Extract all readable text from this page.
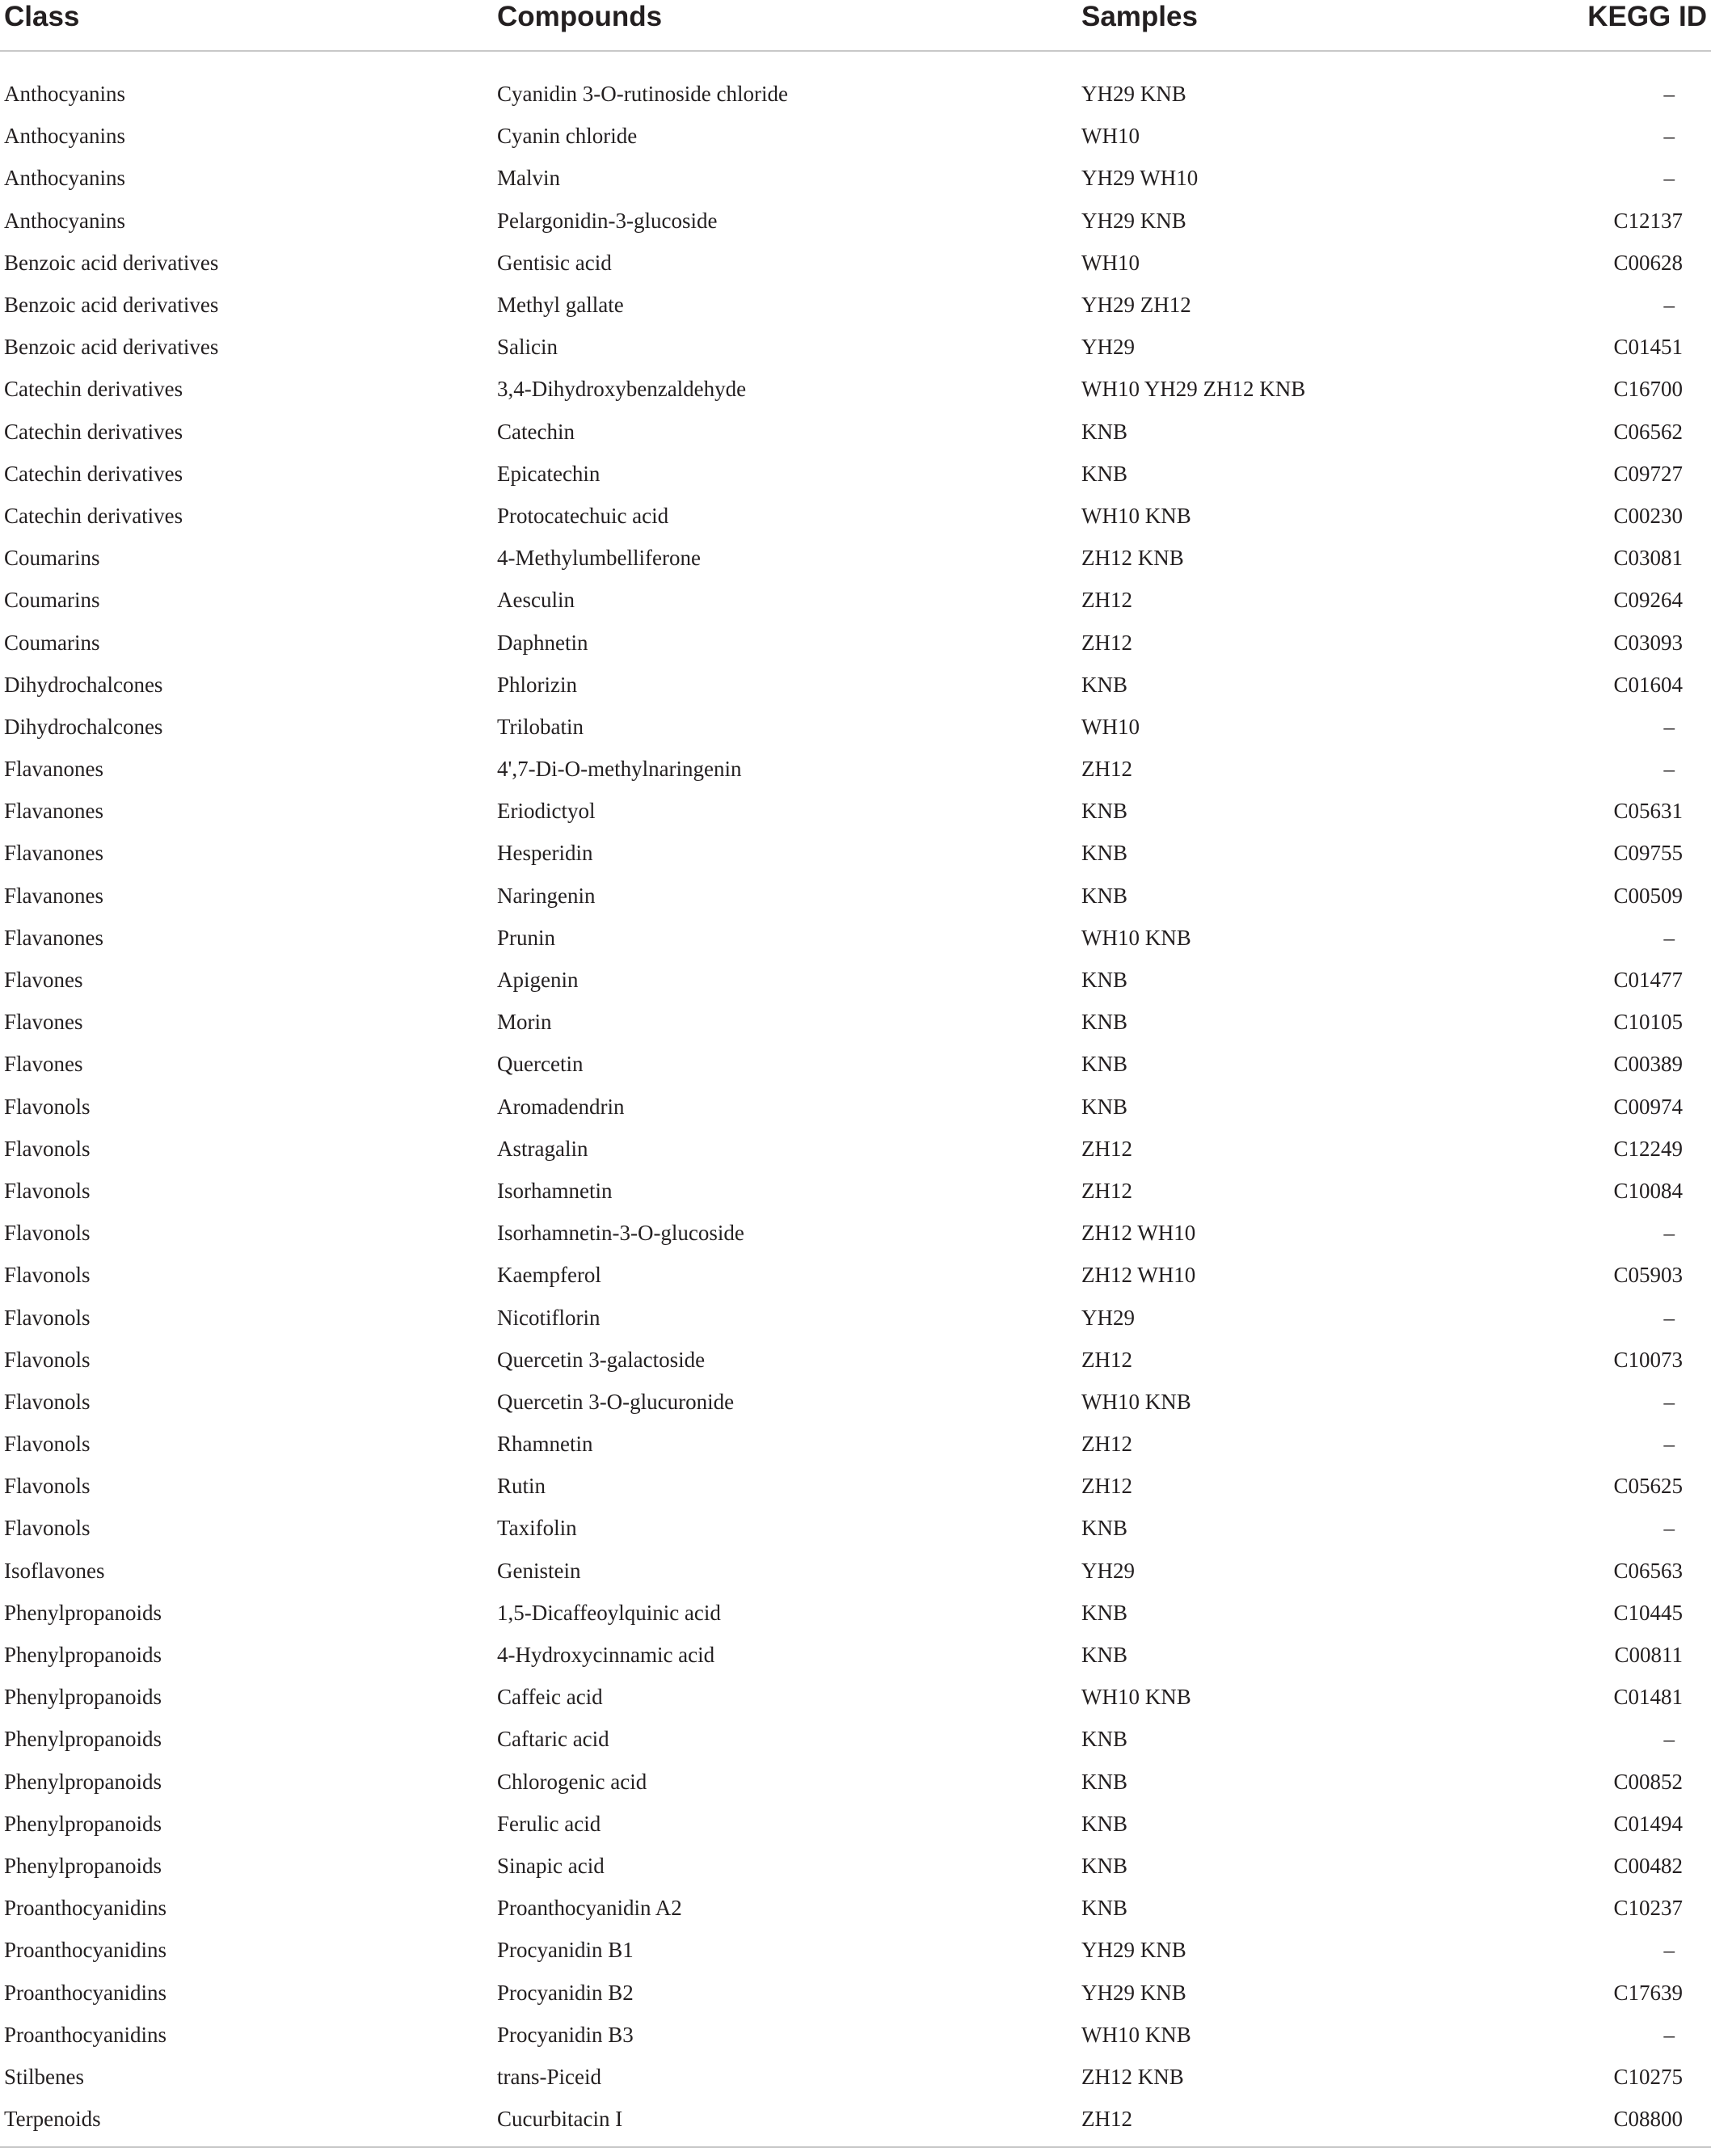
Class	Compounds	Samples	KEGG ID
Anthocyanins	Cyanidin 3-O-rutinoside chloride	YH29 KNB	–
Anthocyanins	Cyanin chloride	WH10	–
Anthocyanins	Malvin	YH29 WH10	–
Anthocyanins	Pelargonidin-3-glucoside	YH29 KNB	C12137
Benzoic acid derivatives	Gentisic acid	WH10	C00628
Benzoic acid derivatives	Methyl gallate	YH29 ZH12	–
Benzoic acid derivatives	Salicin	YH29	C01451
Catechin derivatives	3,4-Dihydroxybenzaldehyde	WH10 YH29 ZH12 KNB	C16700
Catechin derivatives	Catechin	KNB	C06562
Catechin derivatives	Epicatechin	KNB	C09727
Catechin derivatives	Protocatechuic acid	WH10 KNB	C00230
Coumarins	4-Methylumbelliferone	ZH12 KNB	C03081
Coumarins	Aesculin	ZH12	C09264
Coumarins	Daphnetin	ZH12	C03093
Dihydrochalcones	Phlorizin	KNB	C01604
Dihydrochalcones	Trilobatin	WH10	–
Flavanones	4',7-Di-O-methylnaringenin	ZH12	–
Flavanones	Eriodictyol	KNB	C05631
Flavanones	Hesperidin	KNB	C09755
Flavanones	Naringenin	KNB	C00509
Flavanones	Prunin	WH10 KNB	–
Flavones	Apigenin	KNB	C01477
Flavones	Morin	KNB	C10105
Flavones	Quercetin	KNB	C00389
Flavonols	Aromadendrin	KNB	C00974
Flavonols	Astragalin	ZH12	C12249
Flavonols	Isorhamnetin	ZH12	C10084
Flavonols	Isorhamnetin-3-O-glucoside	ZH12 WH10	–
Flavonols	Kaempferol	ZH12 WH10	C05903
Flavonols	Nicotiflorin	YH29	–
Flavonols	Quercetin 3-galactoside	ZH12	C10073
Flavonols	Quercetin 3-O-glucuronide	WH10 KNB	–
Flavonols	Rhamnetin	ZH12	–
Flavonols	Rutin	ZH12	C05625
Flavonols	Taxifolin	KNB	–
Isoflavones	Genistein	YH29	C06563
Phenylpropanoids	1,5-Dicaffeoylquinic acid	KNB	C10445
Phenylpropanoids	4-Hydroxycinnamic acid	KNB	C00811
Phenylpropanoids	Caffeic acid	WH10 KNB	C01481
Phenylpropanoids	Caftaric acid	KNB	–
Phenylpropanoids	Chlorogenic acid	KNB	C00852
Phenylpropanoids	Ferulic acid	KNB	C01494
Phenylpropanoids	Sinapic acid	KNB	C00482
Proanthocyanidins	Proanthocyanidin A2	KNB	C10237
Proanthocyanidins	Procyanidin B1	YH29 KNB	–
Proanthocyanidins	Procyanidin B2	YH29 KNB	C17639
Proanthocyanidins	Procyanidin B3	WH10 KNB	–
Stilbenes	trans-Piceid	ZH12 KNB	C10275
Terpenoids	Cucurbitacin I	ZH12	C08800
